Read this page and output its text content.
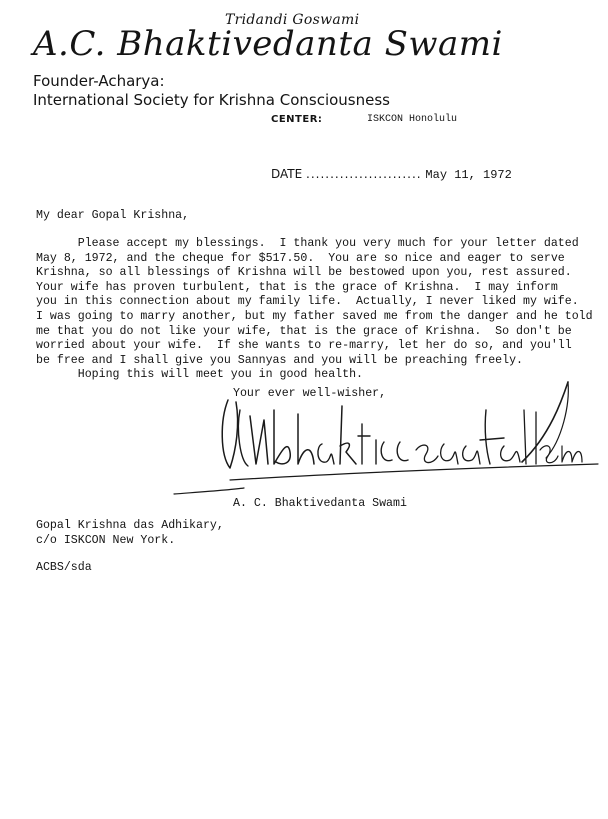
Tridandi Goswami
A.C. Bhaktivedanta Swami
Founder-Acharya:
International Society for Krishna Consciousness
CENTER:	ISKCON Honolulu
DATE ........................ May 11, 1972
My dear Gopal Krishna,
Please accept my blessings.  I thank you very much for your letter dated
May 8, 1972, and the cheque for $517.50.  You are so nice and eager to serve
Krishna, so all blessings of Krishna will be bestowed upon you, rest assured.
Your wife has proven turbulent, that is the grace of Krishna.  I may inform
you in this connection about my family life.  Actually, I never liked my wife.
I was going to marry another, but my father saved me from the danger and he told
me that you do not like your wife, that is the grace of Krishna.  So don't be
worried about your wife.  If she wants to re-marry, let her do so, and you'll
be free and I shall give you Sannyas and you will be preaching freely.
Hoping this will meet you in good health.
Your ever well-wisher,
A. C. Bhaktivedanta Swami
Gopal Krishna das Adhikary,
c/o ISKCON New York.
ACBS/sda
